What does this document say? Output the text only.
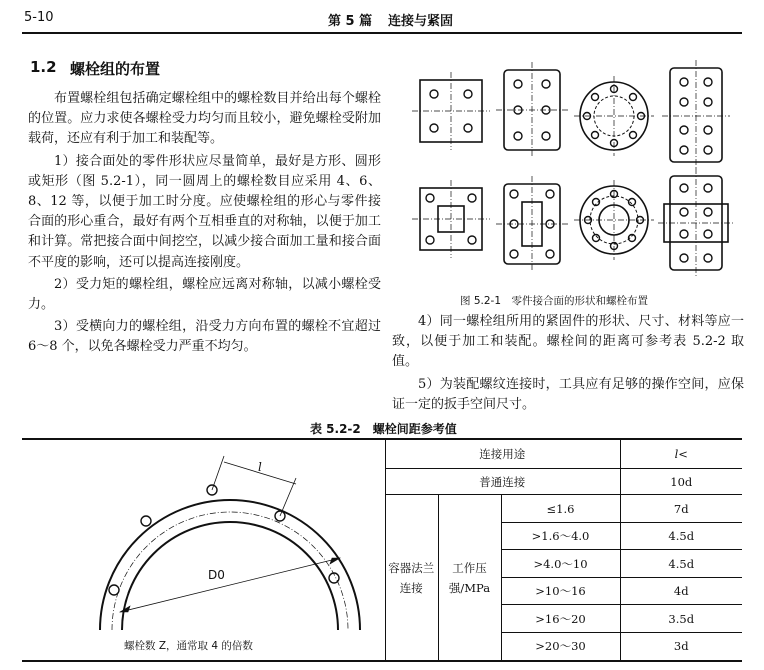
5-10	第 5 篇 连接与紧固
1.2 螺栓组的布置

布置螺栓组包括确定螺栓组中的螺栓数目并给出每个螺栓的位置。应力求使各螺栓受力均匀而且较小，避免螺栓受附加载荷，还应有利于加工和装配等。

1）接合面处的零件形状应尽量简单，最好是方形、圆形或矩形（图 5.2-1），同一圆周上的螺栓数目应采用 4、6、8、12 等，以便于加工时分度。应使螺栓组的形心与零件接合面的形心重合，最好有两个互相垂直的对称轴，以便于加工和计算。常把接合面中间挖空，以减少接合面加工量和接合面不平度的影响，还可以提高连接刚度。

2）受力矩的螺栓组，螺栓应远离对称轴，以减小螺栓受力。

3）受横向力的螺栓组，沿受力方向布置的螺栓不宜超过 6～8 个，以免各螺栓受力严重不均匀。

图 5.2-1　零件接合面的形状和螺栓布置

4）同一螺栓组所用的紧固件的形状、尺寸、材料等应一致，以便于加工和装配。螺栓间的距离可参考表 5.2-2 取值。

5）为装配螺纹连接时，工具应有足够的操作空间，应保证一定的扳手空间尺寸。

表 5.2-2　螺栓间距参考值
l
D0
螺栓数 Z，通常取 4 的倍数
连接用途			l<
普通连接			10d
容器法兰连接	工作压强/MPa	≤1.6	7d
		>1.6～4.0	4.5d
		>4.0～10	4.5d
		>10～16	4d
		>16～20	3.5d
		>20～30	3d
